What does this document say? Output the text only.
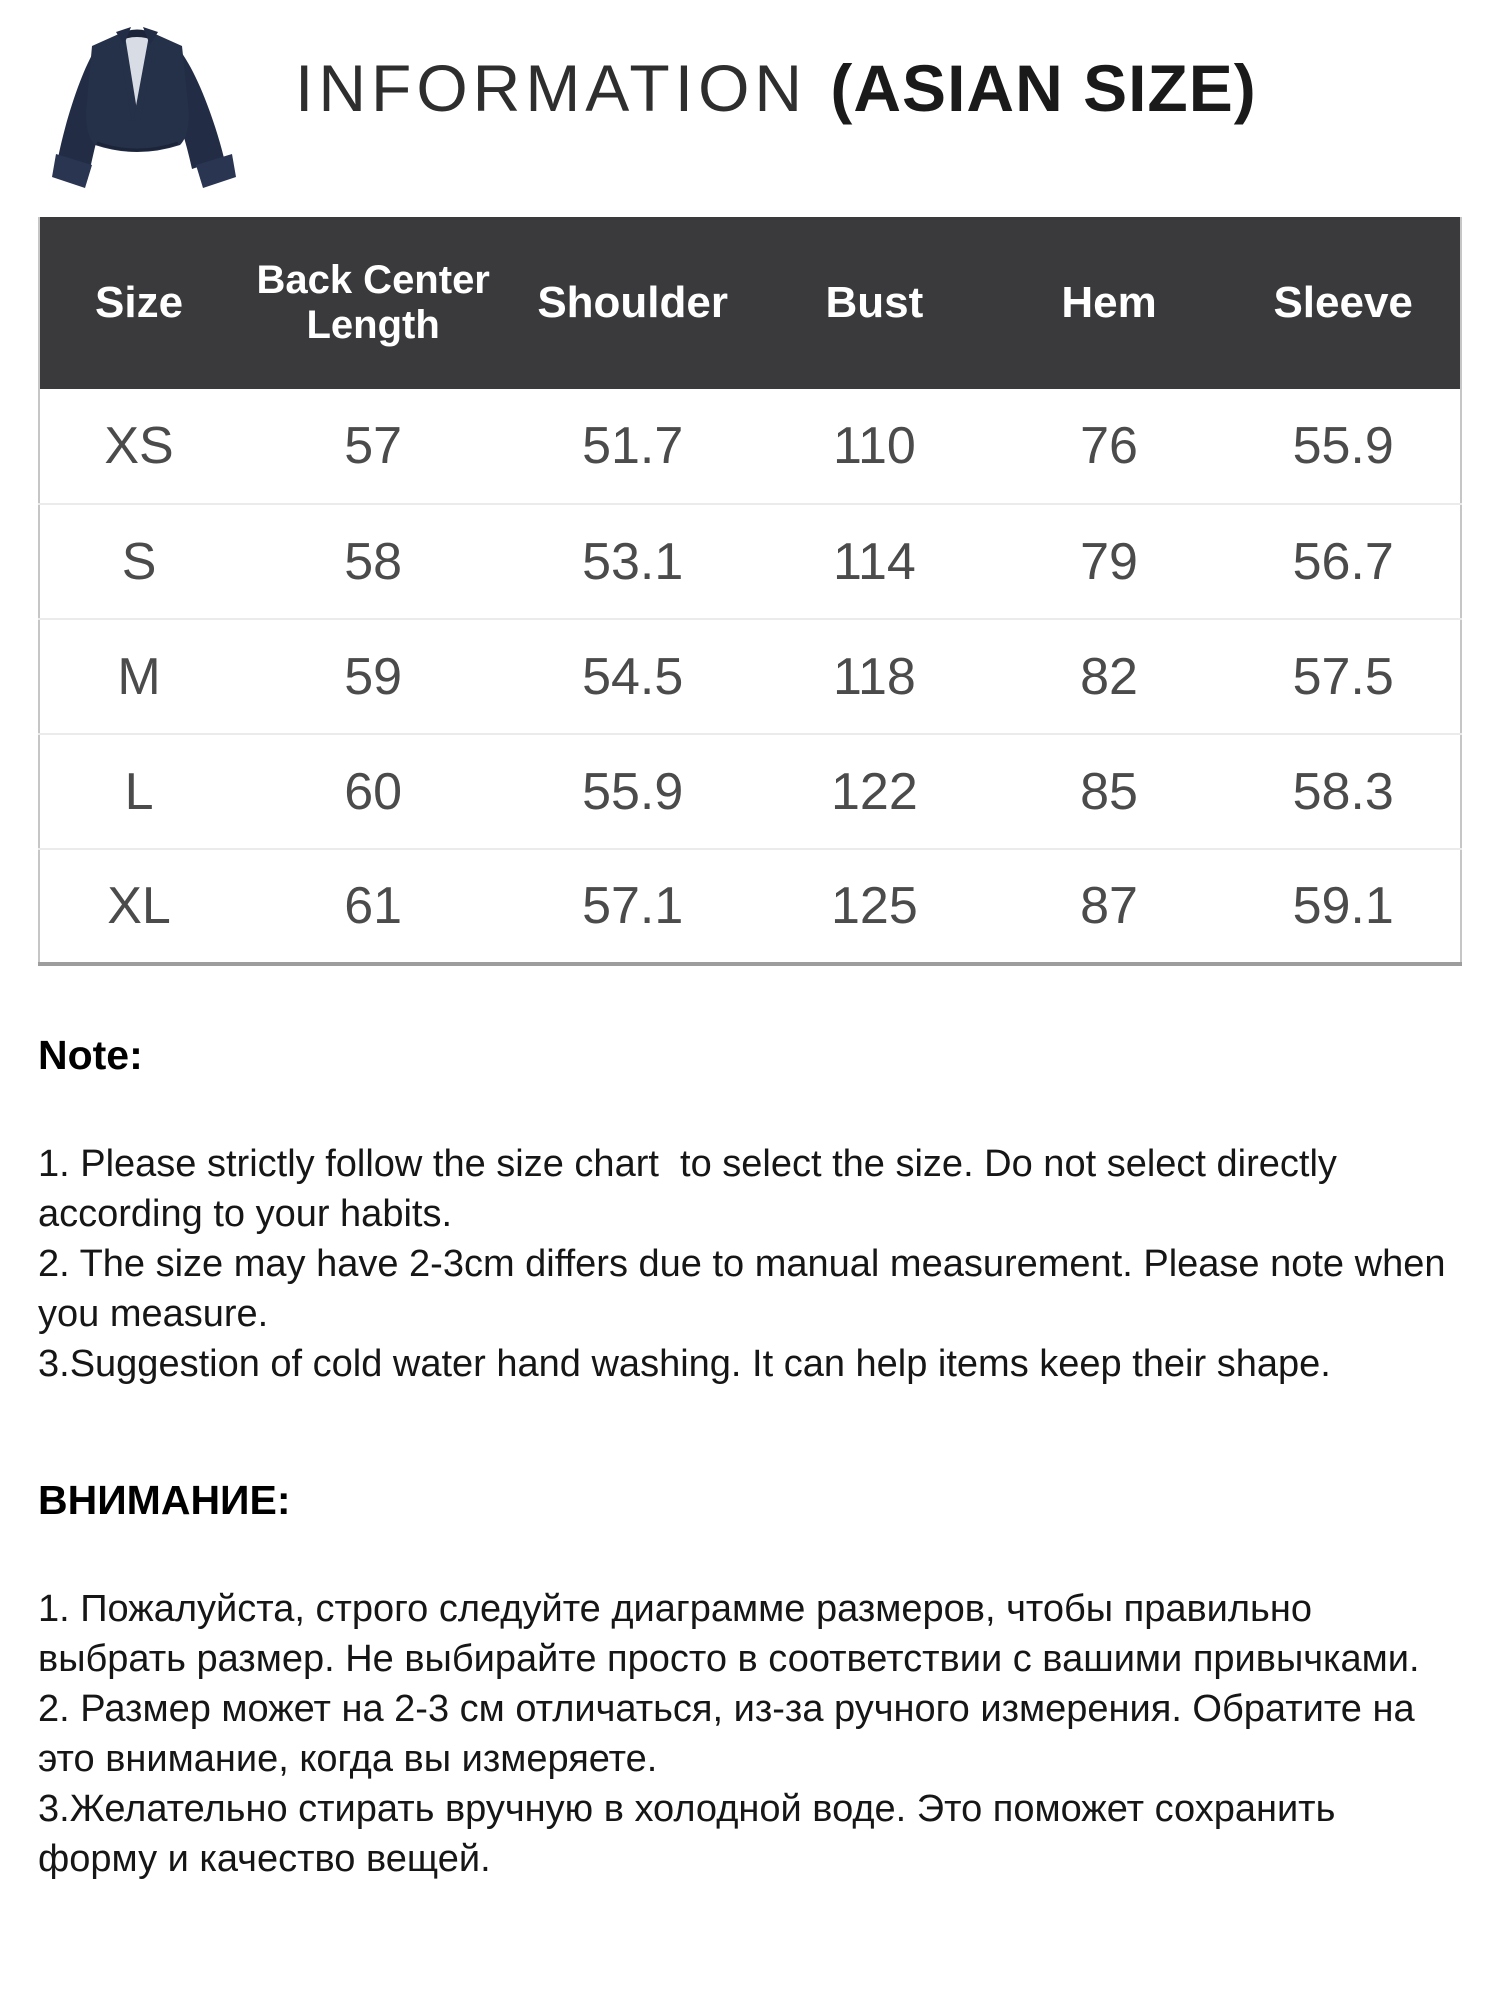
INFORMATION (ASIAN SIZE)
Size	Back Center Length	Shoulder	Bust	Hem	Sleeve
XS	57	51.7	110	76	55.9
S	58	53.1	114	79	56.7
M	59	54.5	118	82	57.5
L	60	55.9	122	85	58.3
XL	61	57.1	125	87	59.1
Note:

1. Please strictly follow the size chart  to select the size. Do not select directly according to your habits.

2. The size may have 2-3cm differs due to manual measurement. Please note when you measure.

3.Suggestion of cold water hand washing. It can help items keep their shape.

ВНИМАНИЕ:

1. Пожалуйста, строго следуйте диаграмме размеров, чтобы правильно выбрать размер. Не выбирайте просто в соответствии с вашими привычками.

2. Размер может на 2-3 см отличаться, из-за ручного измерения. Обратите на это внимание, когда вы измеряете.

3.Желательно стирать вручную в холодной воде. Это поможет сохранить форму и качество вещей.
